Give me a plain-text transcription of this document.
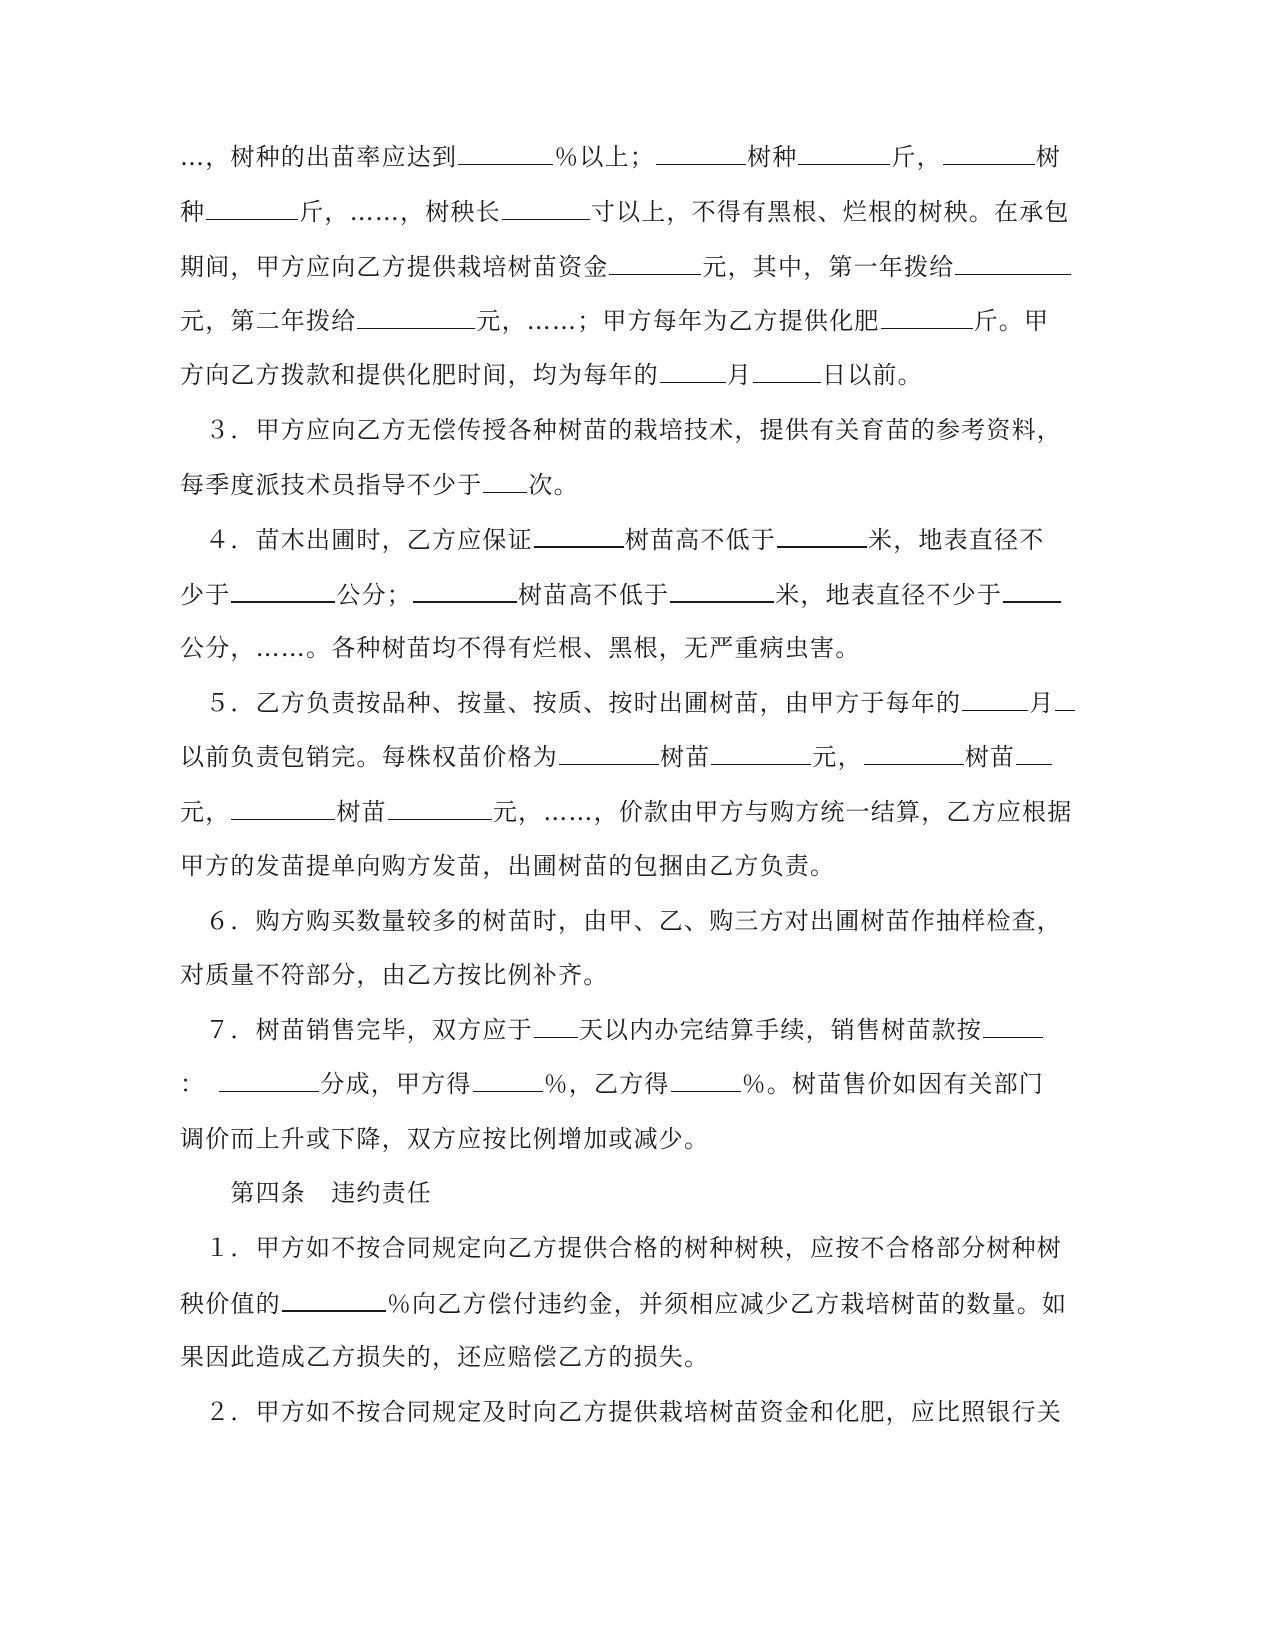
…，树种的出苗率应达到	％以上；	树种	斤，	树
种	斤，……，树秧长	寸以上，不得有黑根、烂根的树秧。在承包
期间，甲方应向乙方提供栽培树苗资金	元，其中，第一年拨给
元，第二年拨给	元，……；甲方每年为乙方提供化肥	斤。甲
方向乙方拨款和提供化肥时间，均为每年的	月	日以前。
　３．甲方应向乙方无偿传授各种树苗的栽培技术，提供有关育苗的参考资料，
每季度派技术员指导不少于 次。
　４．苗木出圃时，乙方应保证	树苗高不低于	米，地表直径不
少于	公分；	树苗高不低于	米，地表直径不少于
公分，……。各种树苗均不得有烂根、黑根，无严重病虫害。
　５．乙方负责按品种、按量、按质、按时出圃树苗，由甲方于每年的	月
以前负责包销完。每株权苗价格为	树苗	元，	树苗
元，	树苗	元，……，价款由甲方与购方统一结算，乙方应根据
甲方的发苗提单向购方发苗，出圃树苗的包捆由乙方负责。
　６．购方购买数量较多的树苗时，由甲、乙、购三方对出圃树苗作抽样检查，
对质量不符部分，由乙方按比例补齐。
　７．树苗销售完毕，双方应于 天以内办完结算手续，销售树苗款按
：　	分成，甲方得	％，乙方得	％。树苗售价如因有关部门
调价而上升或下降，双方应按比例增加或减少。
　　第四条　违约责任
　１．甲方如不按合同规定向乙方提供合格的树种树秧，应按不合格部分树种树
秧价值的	％向乙方偿付违约金，并须相应减少乙方栽培树苗的数量。如
果因此造成乙方损失的，还应赔偿乙方的损失。
　２．甲方如不按合同规定及时向乙方提供栽培树苗资金和化肥，应比照银行关
